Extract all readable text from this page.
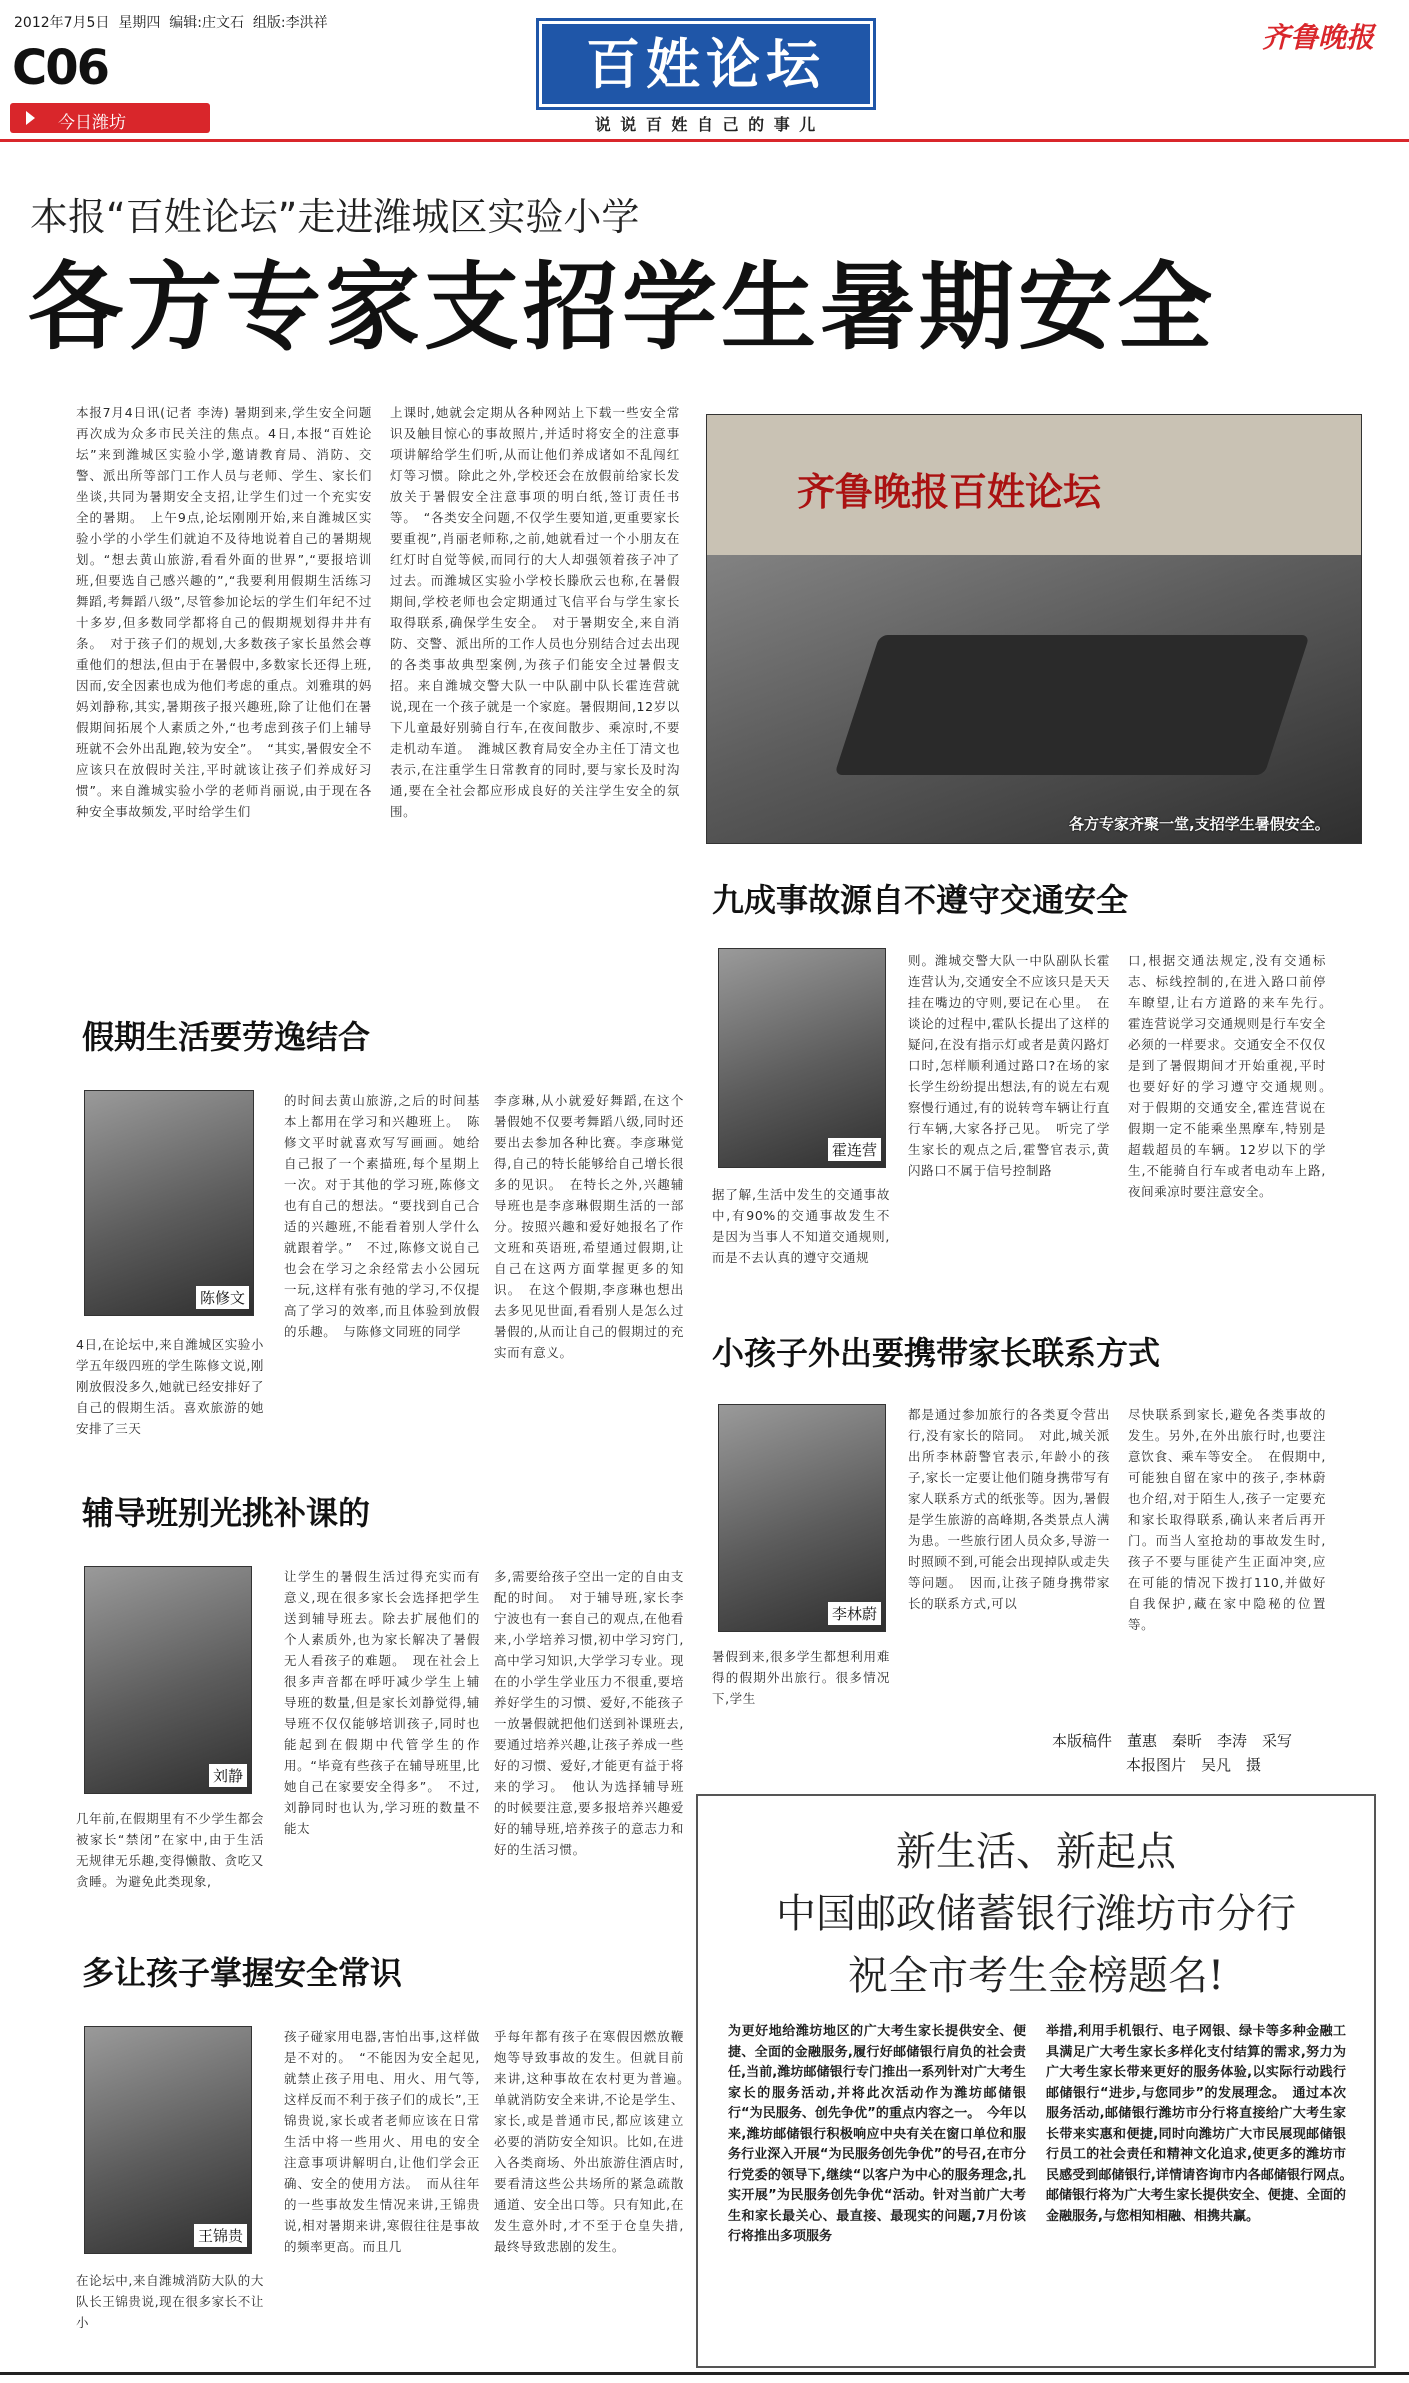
2012年7月5日 星期四 编辑:庄文石 组版:李洪祥
C06
今日潍坊
百姓论坛
说 说 百 姓 自 己 的 事 儿
齐鲁晚报
本报“百姓论坛”走进潍城区实验小学
各方专家支招学生暑期安全
本报7月4日讯(记者 李涛) 暑期到来,学生安全问题再次成为众多市民关注的焦点。4日,本报“百姓论坛”来到潍城区实验小学,邀请教育局、消防、交警、派出所等部门工作人员与老师、学生、家长们坐谈,共同为暑期安全支招,让学生们过一个充实安全的暑期。　上午9点,论坛刚刚开始,来自潍城区实验小学的小学生们就迫不及待地说着自己的暑期规划。“想去黄山旅游,看看外面的世界”,“要报培训班,但要选自己感兴趣的”,“我要利用假期生活练习舞蹈,考舞蹈八级”,尽管参加论坛的学生们年纪不过十多岁,但多数同学都将自己的假期规划得井井有条。　对于孩子们的规划,大多数孩子家长虽然会尊重他们的想法,但由于在暑假中,多数家长还得上班,因而,安全因素也成为他们考虑的重点。刘雅琪的妈妈刘静称,其实,暑期孩子报兴趣班,除了让他们在暑假期间拓展个人素质之外,“也考虑到孩子们上辅导班就不会外出乱跑,较为安全”。　“其实,暑假安全不应该只在放假时关注,平时就该让孩子们养成好习惯”。来自潍城实验小学的老师肖丽说,由于现在各种安全事故频发,平时给学生们
上课时,她就会定期从各种网站上下载一些安全常识及触目惊心的事故照片,并适时将安全的注意事项讲解给学生们听,从而让他们养成诸如不乱闯红灯等习惯。除此之外,学校还会在放假前给家长发放关于暑假安全注意事项的明白纸,签订责任书等。　“各类安全问题,不仅学生要知道,更重要家长要重视”,肖丽老师称,之前,她就看过一个小朋友在红灯时自觉等候,而同行的大人却强领着孩子冲了过去。而潍城区实验小学校长滕欣云也称,在暑假期间,学校老师也会定期通过飞信平台与学生家长取得联系,确保学生安全。　对于暑期安全,来自消防、交警、派出所的工作人员也分别结合过去出现的各类事故典型案例,为孩子们能安全过暑假支招。来自潍城交警大队一中队副中队长霍连营就说,现在一个孩子就是一个家庭。暑假期间,12岁以下儿童最好别骑自行车,在夜间散步、乘凉时,不要走机动车道。　潍城区教育局安全办主任丁清文也表示,在注重学生日常教育的同时,要与家长及时沟通,要在全社会都应形成良好的关注学生安全的氛围。
齐鲁晚报百姓论坛
各方专家齐聚一堂,支招学生暑假安全。
九成事故源自不遵守交通安全
霍连营
据了解,生活中发生的交通事故中,有90%的交通事故发生不是因为当事人不知道交通规则,而是不去认真的遵守交通规
则。潍城交警大队一中队副队长霍连营认为,交通安全不应该只是天天挂在嘴边的守则,要记在心里。　在谈论的过程中,霍队长提出了这样的疑问,在没有指示灯或者是黄闪路灯口时,怎样顺利通过路口?在场的家长学生纷纷提出想法,有的说左右观察慢行通过,有的说转弯车辆让行直行车辆,大家各抒己见。　听完了学生家长的观点之后,霍警官表示,黄闪路口不属于信号控制路
口,根据交通法规定,没有交通标志、标线控制的,在进入路口前停车瞭望,让右方道路的来车先行。　霍连营说学习交通规则是行车安全必须的一样要求。交通安全不仅仅是到了暑假期间才开始重视,平时也要好好的学习遵守交通规则。　对于假期的交通安全,霍连营说在假期一定不能乘坐黑摩车,特别是超载超员的车辆。12岁以下的学生,不能骑自行车或者电动车上路,夜间乘凉时要注意安全。
小孩子外出要携带家长联系方式
李林蔚
暑假到来,很多学生都想利用难得的假期外出旅行。很多情况下,学生
都是通过参加旅行的各类夏令营出行,没有家长的陪同。　对此,城关派出所李林蔚警官表示,年龄小的孩子,家长一定要让他们随身携带写有家人联系方式的纸张等。因为,暑假是学生旅游的高峰期,各类景点人满为患。一些旅行团人员众多,导游一时照顾不到,可能会出现掉队或走失等问题。　因而,让孩子随身携带家长的联系方式,可以
尽快联系到家长,避免各类事故的发生。另外,在外出旅行时,也要注意饮食、乘车等安全。　在假期中,可能独自留在家中的孩子,李林蔚也介绍,对于陌生人,孩子一定要充和家长取得联系,确认来者后再开门。而当人室抢劫的事故发生时,孩子不要与匪徒产生正面冲突,应在可能的情况下拨打110,并做好自我保护,藏在家中隐秘的位置等。
本版稿件　董惠　秦昕　李涛　采写
本报图片　吴凡　摄
假期生活要劳逸结合
陈修文
4日,在论坛中,来自潍城区实验小学五年级四班的学生陈修文说,刚刚放假没多久,她就已经安排好了自己的假期生活。喜欢旅游的她安排了三天
的时间去黄山旅游,之后的时间基本上都用在学习和兴趣班上。　陈修文平时就喜欢写写画画。她给自己报了一个素描班,每个星期上一次。对于其他的学习班,陈修文也有自己的想法。“要找到自己合适的兴趣班,不能看着别人学什么就跟着学。”　不过,陈修文说自己也会在学习之余经常去小公园玩一玩,这样有张有弛的学习,不仅提高了学习的效率,而且体验到放假的乐趣。　与陈修文同班的同学
李彦琳,从小就爱好舞蹈,在这个暑假她不仅要考舞蹈八级,同时还要出去参加各种比赛。李彦琳觉得,自己的特长能够给自己增长很多的见识。　在特长之外,兴趣辅导班也是李彦琳假期生活的一部分。按照兴趣和爱好她报名了作文班和英语班,希望通过假期,让自己在这两方面掌握更多的知识。　在这个假期,李彦琳也想出去多见见世面,看看别人是怎么过暑假的,从而让自己的假期过的充实而有意义。
辅导班别光挑补课的
刘静
几年前,在假期里有不少学生都会被家长“禁闭”在家中,由于生活无规律无乐趣,变得懒散、贪吃又贪睡。为避免此类现象,
让学生的暑假生活过得充实而有意义,现在很多家长会选择把学生送到辅导班去。除去扩展他们的个人素质外,也为家长解决了暑假无人看孩子的难题。　现在社会上很多声音都在呼吁减少学生上辅导班的数量,但是家长刘静觉得,辅导班不仅仅能够培训孩子,同时也能起到在假期中代管学生的作用。“毕竟有些孩子在辅导班里,比她自己在家要安全得多”。　不过,刘静同时也认为,学习班的数量不能太
多,需要给孩子空出一定的自由支配的时间。　对于辅导班,家长李宁波也有一套自己的观点,在他看来,小学培养习惯,初中学习窍门,高中学习知识,大学学习专业。现在的小学生学业压力不很重,要培养好学生的习惯、爱好,不能孩子一放暑假就把他们送到补课班去,要通过培养兴趣,让孩子养成一些好的习惯、爱好,才能更有益于将来的学习。　他认为选择辅导班的时候要注意,要多报培养兴趣爱好的辅导班,培养孩子的意志力和好的生活习惯。
多让孩子掌握安全常识
王锦贵
在论坛中,来自潍城消防大队的大队长王锦贵说,现在很多家长不让小
孩子碰家用电器,害怕出事,这样做是不对的。　“不能因为安全起见,就禁止孩子用电、用火、用气等,这样反而不利于孩子们的成长”,王锦贵说,家长或者老师应该在日常生活中将一些用火、用电的安全注意事项讲解明白,让他们学会正确、安全的使用方法。　而从往年的一些事故发生情况来讲,王锦贵说,相对暑期来讲,寒假往往是事故的频率更高。而且几
乎每年都有孩子在寒假因燃放鞭炮等导致事故的发生。但就目前来讲,这种事故在农村更为普遍。　单就消防安全来讲,不论是学生、家长,或是普通市民,都应该建立必要的消防安全知识。比如,在进入各类商场、外出旅游住酒店时,要看清这些公共场所的紧急疏散通道、安全出口等。只有知此,在发生意外时,才不至于仓皇失措,最终导致悲剧的发生。
新生活、新起点
中国邮政储蓄银行潍坊市分行
祝全市考生金榜题名!
为更好地给潍坊地区的广大考生家长提供安全、便捷、全面的金融服务,履行好邮储银行肩负的社会责任,当前,潍坊邮储银行专门推出一系列针对广大考生家长的服务活动,并将此次活动作为潍坊邮储银行“为民服务、创先争优”的重点内容之一。　今年以来,潍坊邮储银行积极响应中央有关在窗口单位和服务行业深入开展“为民服务创先争优”的号召,在市分行党委的领导下,继续“以客户为中心的服务理念,扎实开展”为民服务创先争优“活动。针对当前广大考生和家长最关心、最直接、最现实的问题,7月份该行将推出多项服务
举措,利用手机银行、电子网银、绿卡等多种金融工具满足广大考生家长多样化支付结算的需求,努力为广大考生家长带来更好的服务体验,以实际行动践行邮储银行“进步,与您同步”的发展理念。　通过本次服务活动,邮储银行潍坊市分行将直接给广大考生家长带来实惠和便捷,同时向潍坊广大市民展现邮储银行员工的社会责任和精神文化追求,使更多的潍坊市民感受到邮储银行,详情请咨询市内各邮储银行网点。　邮储银行将为广大考生家长提供安全、便捷、全面的金融服务,与您相知相融、相携共赢。
